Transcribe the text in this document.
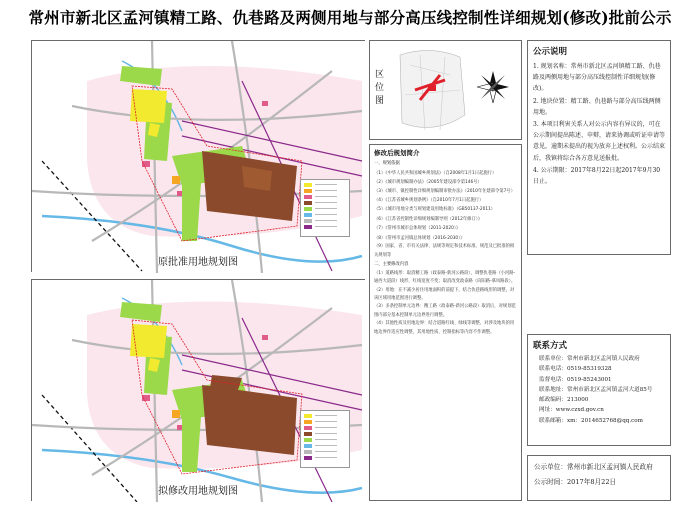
常州市新北区孟河镇精工路、仇巷路及两侧用地与部分高压线控制性详细规划(修改)批前公示
原批准用地规划图
拟修改用地规划图
区位图
修改后规划简介
一、规划依据
（1）《中华人民共和国城乡规划法》（自2008年1月1日起施行）
（2）《城市规划编制办法》（2005年建设部令第146号）
（3）《城市、镇控制性详细规划编制审批办法》（2010年住建部令第7号）
（4）《江苏省城乡规划条例》（自2010年7月1日起施行）
（5）《城市用地分类与规划建设用地标准》（GB50137-2011）
（6）《江苏省控制性详细规划编制导则（2012年修订）》
（7）《常州市城市总体规划（2011-2020）》
（8）《常州市孟河镇总体规划（2016-2030）》
（9）国家、省、市有关法律、法规等规定和技术标准、规范及已批准的相关规划等
二、主要修改内容
（1）道路线形：取消精工路（政泰路-新河公路段），调整仇巷路（小河路-通西大道段）线形，红线宽度不变；取消改变政泰路（向阳路-慕凤路段）。
（2）用地：在不减少居住用地面积的前提下，结合仇巷路线形的调整，对该区域用地范围进行调整。
（3）多条控制单元边界：精工路（政泰路-新河公路段）取消后，对规划范围内部分基本控制单元边界进行调整。
（4）其他性质及用地边界：结合道路红线、绿线等调整，对涉及地块的用地边界作适应性调整，其用地性质、控制指标等内容不作调整。
公示说明

1. 规划名称：常州市新北区孟河镇精工路、仇巷路及两侧用地与部分高压线控制性详细规划(修改)。

2. 地块位置：精工路、仇巷路与部分高压线两侧用地。

3. 本项目利害关系人对公示内容有异议的，可在公示期间提出陈述、申辩，请来协调或听证申请等意见，逾期未提出的视为放弃上述权利。公示结束后，我镇将综合各方意见送报批。

4. 公示期限：2017年8月22日起2017年9月30日止。

联系方式
联系单位：常州市新北区孟河镇人民政府
联系电话：0519-85319328
监督电话：0519-85243001
联系地址：常州市新北区孟河镇孟河大道85号
邮政编码：213000
网址：www.czxd.gov.cn
联系邮箱：xm：2014652768@qq.com
公示单位：常州市新北区孟河镇人民政府
公示时间：2017年8月22日
